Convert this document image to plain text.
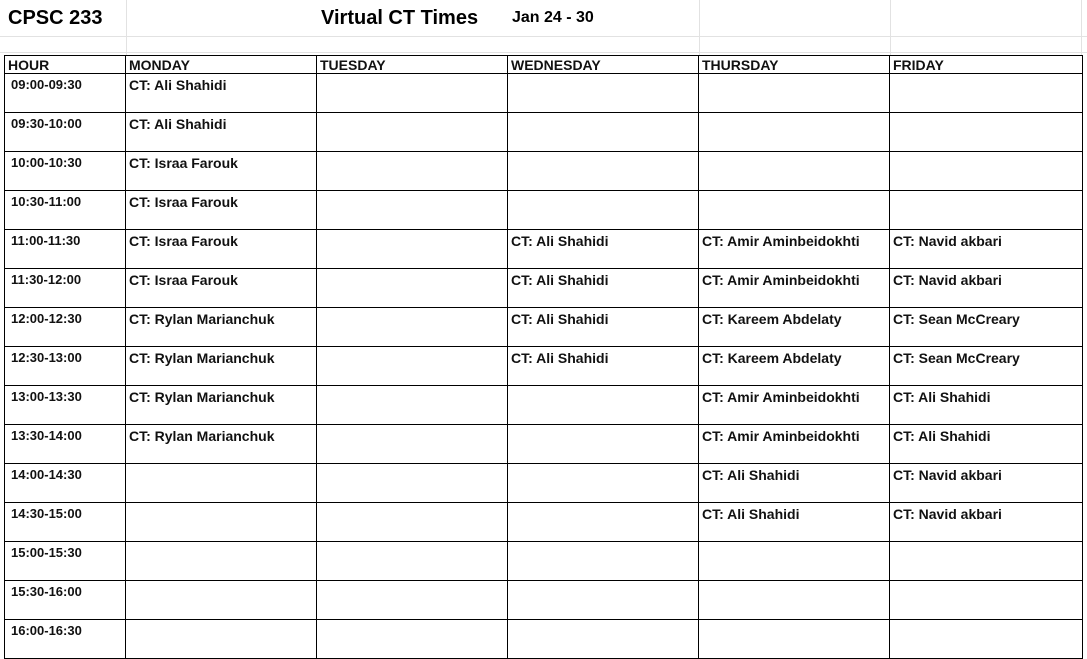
CPSC 233	Virtual CT Times Jan 24 - 30
HOUR	MONDAY	TUESDAY	WEDNESDAY	THURSDAY	FRIDAY
09:00-09:30	CT: Ali Shahidi				
09:30-10:00	CT: Ali Shahidi				
10:00-10:30	CT: Israa Farouk				
10:30-11:00	CT: Israa Farouk				
11:00-11:30	CT: Israa Farouk		CT: Ali Shahidi	CT: Amir Aminbeidokhti	CT: Navid akbari
11:30-12:00	CT: Israa Farouk		CT: Ali Shahidi	CT: Amir Aminbeidokhti	CT: Navid akbari
12:00-12:30	CT: Rylan Marianchuk		CT: Ali Shahidi	CT: Kareem Abdelaty	CT: Sean McCreary
12:30-13:00	CT: Rylan Marianchuk		CT: Ali Shahidi	CT: Kareem Abdelaty	CT: Sean McCreary
13:00-13:30	CT: Rylan Marianchuk			CT: Amir Aminbeidokhti	CT: Ali Shahidi
13:30-14:00	CT: Rylan Marianchuk			CT: Amir Aminbeidokhti	CT: Ali Shahidi
14:00-14:30				CT: Ali Shahidi	CT: Navid akbari
14:30-15:00				CT: Ali Shahidi	CT: Navid akbari
15:00-15:30					
15:30-16:00					
16:00-16:30					
